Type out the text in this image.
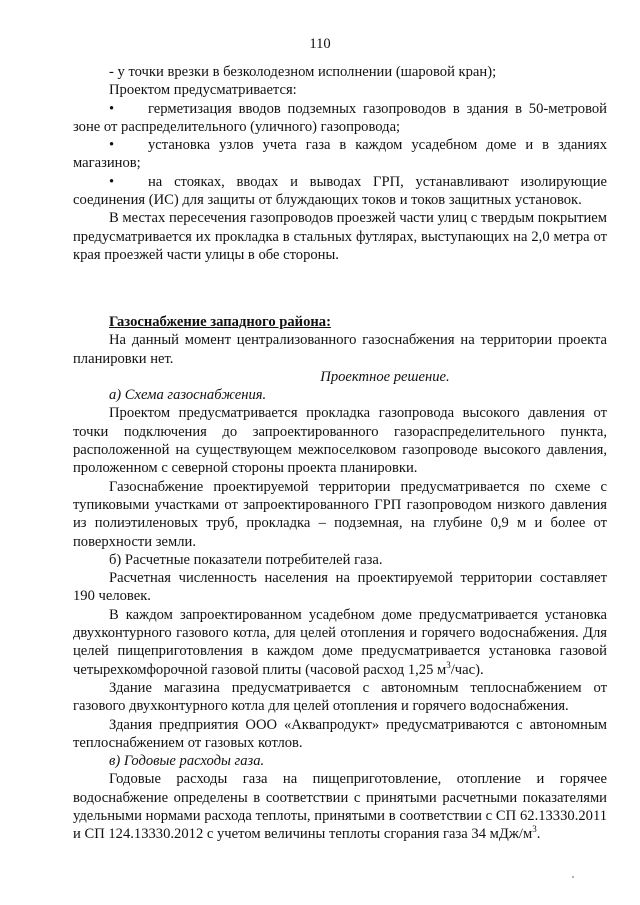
110

- у точки врезки в безколодезном исполнении (шаровой кран);

Проектом предусматривается:

• герметизация вводов подземных газопроводов в здания в 50-метровой зоне от распределительного (уличного) газопровода;

• установка узлов учета газа в каждом усадебном доме и в зданиях магазинов;

• на стояках, вводах и выводах ГРП, устанавливают изолирующие соединения (ИС) для защиты от блуждающих токов и токов защитных установок.

В местах пересечения газопроводов проезжей части улиц с твердым покрытием предусматривается их прокладка в стальных футлярах, выступающих на 2,0 метра от края проезжей части улицы в обе стороны.

Газоснабжение западного района:

На данный момент централизованного газоснабжения на территории проекта планировки нет.

Проектное решение.

а) Схема газоснабжения.

Проектом предусматривается прокладка газопровода высокого давления от точки подключения до запроектированного газораспределительного пункта, расположенной на существующем межпоселковом газопроводе высокого давления, проложенном с северной стороны проекта планировки.

Газоснабжение проектируемой территории предусматривается по схеме с тупиковыми участками от запроектированного ГРП газопроводом низкого давления из полиэтиленовых труб, прокладка – подземная, на глубине 0,9 м и более от поверхности земли.

б) Расчетные показатели потребителей газа.

Расчетная численность населения на проектируемой территории составляет 190 человек.

В каждом запроектированном усадебном доме предусматривается установка двухконтурного газового котла, для целей отопления и горячего водоснабжения. Для целей пищеприготовления в каждом доме предусматривается установка газовой четырехкомфорочной газовой плиты (часовой расход 1,25 $м^3/час$).

Здание магазина предусматривается с автономным теплоснабжением от газового двухконтурного котла для целей отопления и горячего водоснабжения.

Здания предприятия ООО «Аквапродукт» предусматриваются с автономным теплоснабжением от газовых котлов.

в) Годовые расходы газа.

Годовые расходы газа на пищеприготовление, отопление и горячее водоснабжение определены в соответствии с принятыми расчетными показателями удельными нормами расхода теплоты, принятыми в соответствии с СП 62.13330.2011 и СП 124.13330.2012 с учетом величины теплоты сгорания газа 34 мДж/$м^3$.
